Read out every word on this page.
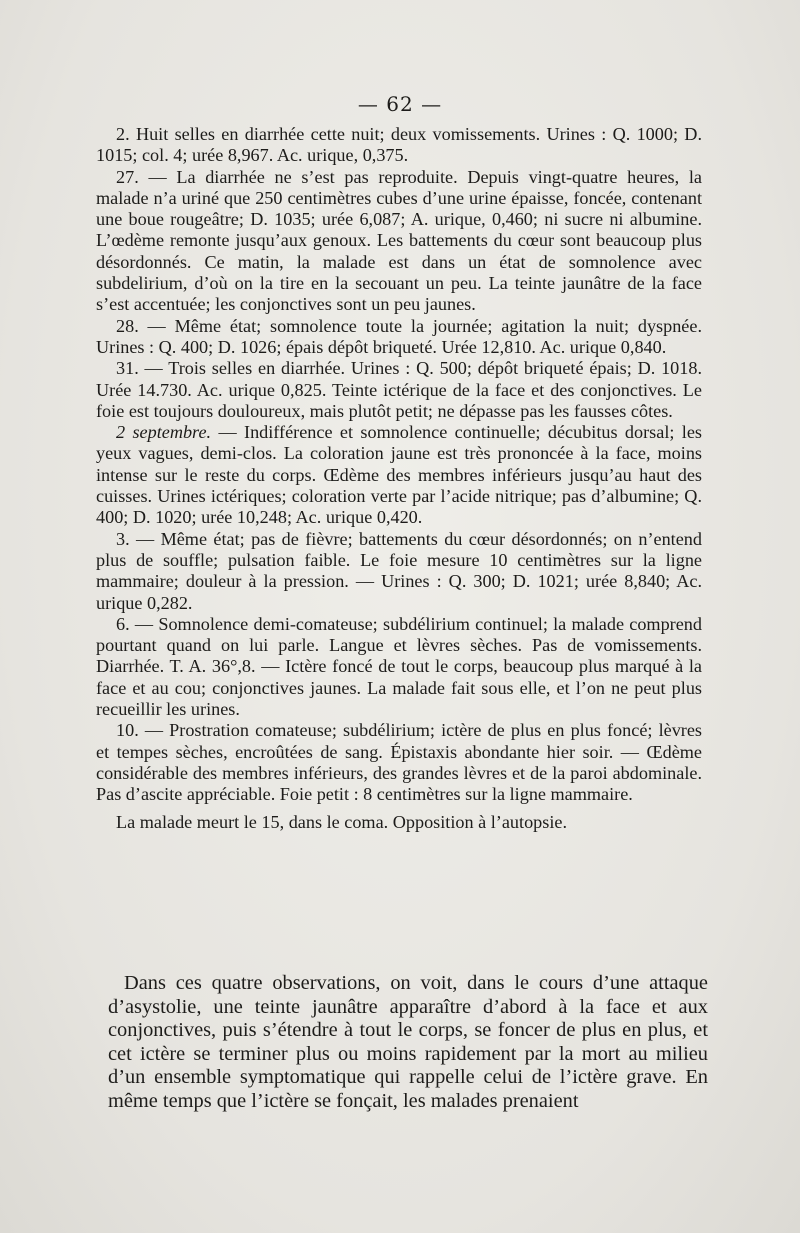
— 62 —

2. Huit selles en diarrhée cette nuit; deux vomissements. Urines : Q. 1000; D. 1015; col. 4; urée 8,967. Ac. urique, 0,375.

27. — La diarrhée ne s’est pas reproduite. Depuis vingt-quatre heures, la malade n’a uriné que 250 centimètres cubes d’une urine épaisse, foncée, contenant une boue rougeâtre; D. 1035; urée 6,087; A. urique, 0,460; ni sucre ni albumine. L’œdème remonte jusqu’aux genoux. Les battements du cœur sont beaucoup plus désordonnés. Ce matin, la malade est dans un état de somnolence avec subdelirium, d’où on la tire en la secouant un peu. La teinte jaunâtre de la face s’est accentuée; les conjonctives sont un peu jaunes.

28. — Même état; somnolence toute la journée; agitation la nuit; dyspnée. Urines : Q. 400; D. 1026; épais dépôt briqueté. Urée 12,810. Ac. urique 0,840.

31. — Trois selles en diarrhée. Urines : Q. 500; dépôt briqueté épais; D. 1018. Urée 14.730. Ac. urique 0,825. Teinte ictérique de la face et des conjonctives. Le foie est toujours douloureux, mais plutôt petit; ne dépasse pas les fausses côtes.

2 septembre. — Indifférence et somnolence continuelle; décubitus dorsal; les yeux vagues, demi-clos. La coloration jaune est très prononcée à la face, moins intense sur le reste du corps. Œdème des membres inférieurs jusqu’au haut des cuisses. Urines ictériques; coloration verte par l’acide nitrique; pas d’albumine; Q. 400; D. 1020; urée 10,248; Ac. urique 0,420.

3. — Même état; pas de fièvre; battements du cœur désordonnés; on n’entend plus de souffle; pulsation faible. Le foie mesure 10 centimètres sur la ligne mammaire; douleur à la pression. — Urines : Q. 300; D. 1021; urée 8,840; Ac. urique 0,282.

6. — Somnolence demi-comateuse; subdélirium continuel; la malade comprend pourtant quand on lui parle. Langue et lèvres sèches. Pas de vomissements. Diarrhée. T. A. 36°,8. — Ictère foncé de tout le corps, beaucoup plus marqué à la face et au cou; conjonctives jaunes. La malade fait sous elle, et l’on ne peut plus recueillir les urines.

10. — Prostration comateuse; subdélirium; ictère de plus en plus foncé; lèvres et tempes sèches, encroûtées de sang. Épistaxis abondante hier soir. — Œdème considérable des membres inférieurs, des grandes lèvres et de la paroi abdominale. Pas d’ascite appréciable. Foie petit : 8 centimètres sur la ligne mammaire.

La malade meurt le 15, dans le coma. Opposition à l’autopsie.

Dans ces quatre observations, on voit, dans le cours d’une attaque d’asystolie, une teinte jaunâtre apparaître d’abord à la face et aux conjonctives, puis s’étendre à tout le corps, se foncer de plus en plus, et cet ictère se terminer plus ou moins rapidement par la mort au milieu d’un ensemble symptomatique qui rappelle celui de l’ictère grave. En même temps que l’ictère se fonçait, les malades prenaient
